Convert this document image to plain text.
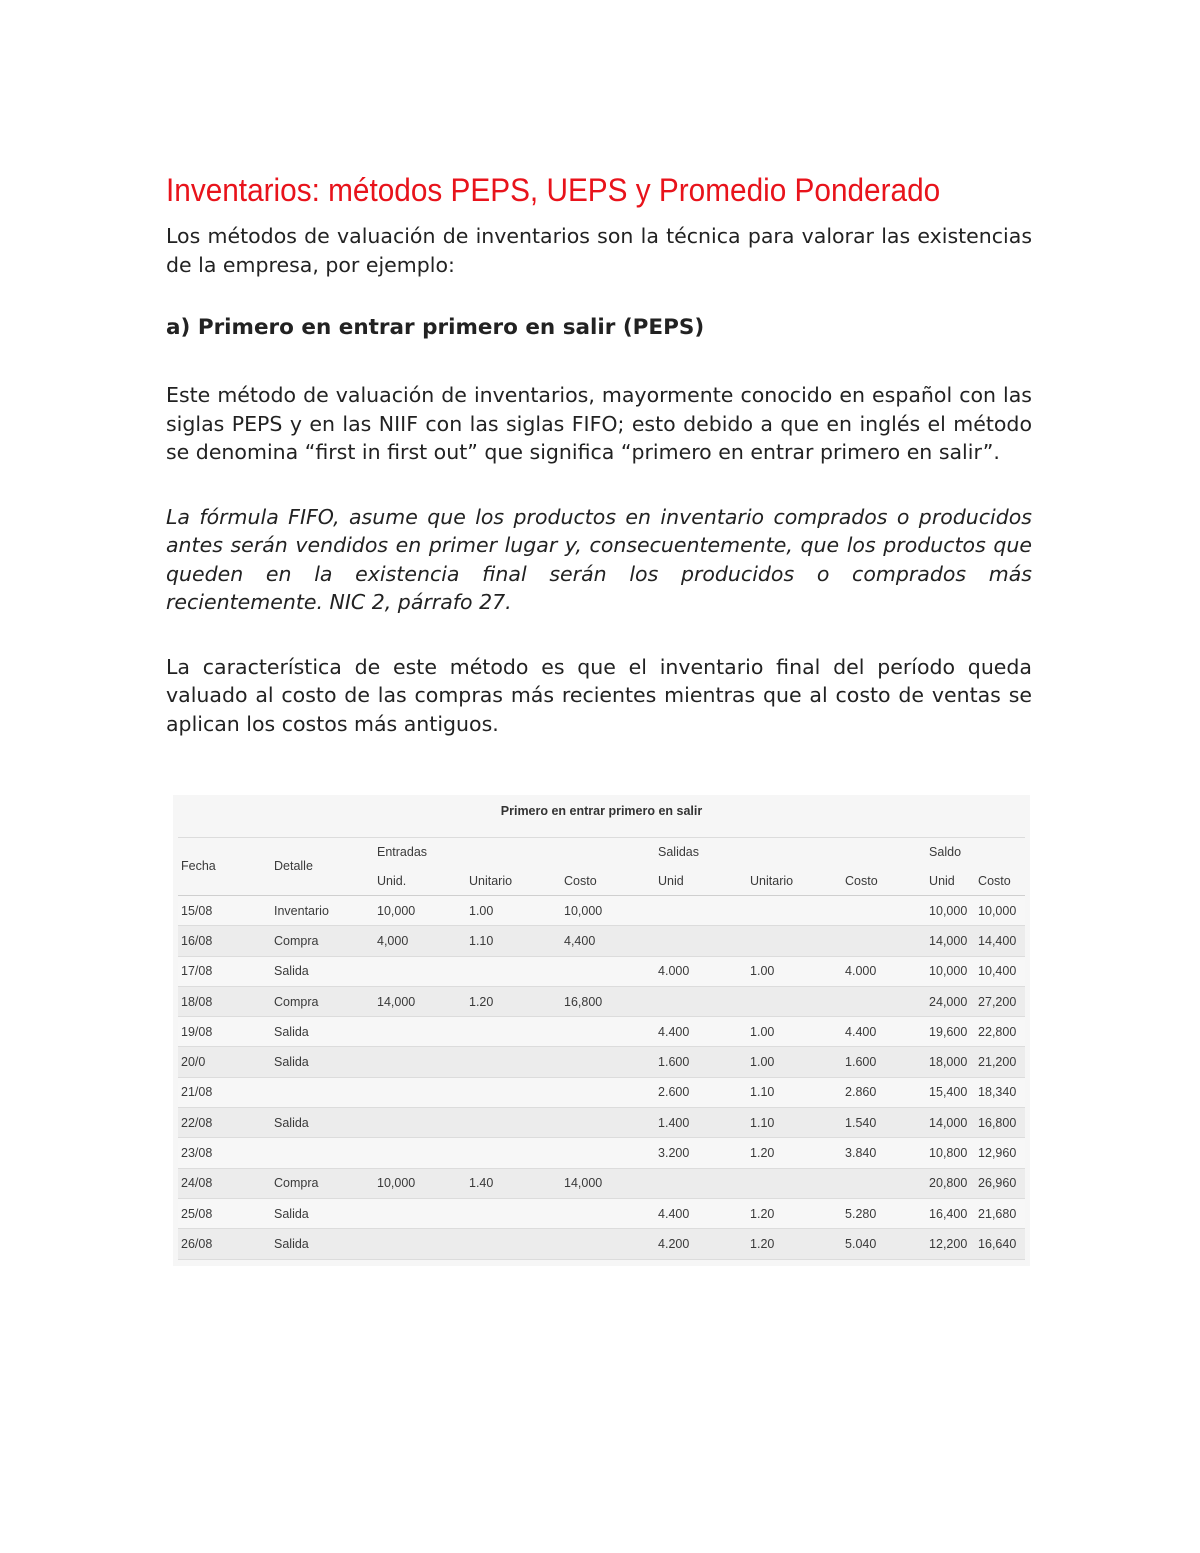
Inventarios: métodos PEPS, UEPS y Promedio Ponderado

Los métodos de valuación de inventarios son la técnica para valorar las existencias de la empresa, por ejemplo:

a) Primero en entrar primero en salir (PEPS)

Este método de valuación de inventarios, mayormente conocido en español con las siglas PEPS y en las NIIF con las siglas FIFO; esto debido a que en inglés el método se denomina “first in first out” que significa “primero en entrar primero en salir”.

La fórmula FIFO, asume que los productos en inventario comprados o producidos antes serán vendidos en primer lugar y, consecuentemente, que los productos que queden en la existencia final serán los producidos o comprados más recientemente. NIC 2, párrafo 27.

La característica de este método es que el inventario final del período queda valuado al costo de las compras más recientes mientras que al costo de ventas se aplican los costos más antiguos.

Primero en entrar primero en salir
Fecha	Detalle	Entradas			Salidas			Saldo	
		Unid.	Unitario	Costo	Unid	Unitario	Costo	Unid	Costo
15/08	Inventario	10,000	1.00	10,000				10,000	10,000
16/08	Compra	4,000	1.10	4,400				14,000	14,400
17/08	Salida				4.000	1.00	4.000	10,000	10,400
18/08	Compra	14,000	1.20	16,800				24,000	27,200
19/08	Salida				4.400	1.00	4.400	19,600	22,800
20/0	Salida				1.600	1.00	1.600	18,000	21,200
21/08					2.600	1.10	2.860	15,400	18,340
22/08	Salida				1.400	1.10	1.540	14,000	16,800
23/08					3.200	1.20	3.840	10,800	12,960
24/08	Compra	10,000	1.40	14,000				20,800	26,960
25/08	Salida				4.400	1.20	5.280	16,400	21,680
26/08	Salida				4.200	1.20	5.040	12,200	16,640
